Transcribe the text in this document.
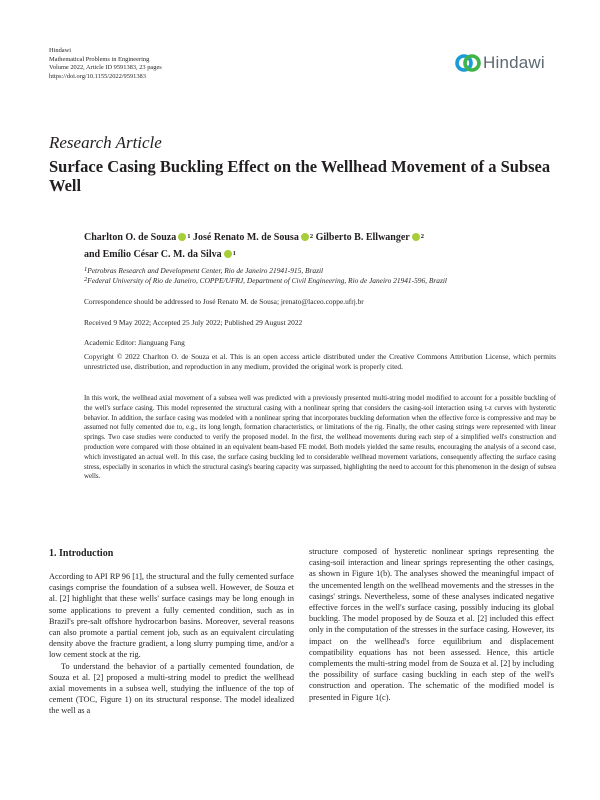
Hindawi
Mathematical Problems in Engineering
Volume 2022, Article ID 9591383, 23 pages
https://doi.org/10.1155/2022/9591383
Hindawi
Research Article
Surface Casing Buckling Effect on the Wellhead Movement of a Subsea Well
Charlton O. de Souza $^1$ José Renato M. de Sousa $^2$ Gilberto B. Ellwanger $^2$
and Emílio César C. M. da Silva $^1$
$^1$Petrobras Research and Development Center, Rio de Janeiro 21941-915, Brazil
$^2$Federal University of Rio de Janeiro, COPPE/UFRJ, Department of Civil Engineering, Rio de Janeiro 21941-596, Brazil
Correspondence should be addressed to José Renato M. de Sousa; jrenato@laceo.coppe.ufrj.br
Received 9 May 2022; Accepted 25 July 2022; Published 29 August 2022
Academic Editor: Jianguang Fang
Copyright © 2022 Charlton O. de Souza et al. This is an open access article distributed under the Creative Commons Attribution License, which permits unrestricted use, distribution, and reproduction in any medium, provided the original work is properly cited.
In this work, the wellhead axial movement of a subsea well was predicted with a previously presented multi-string model modified to account for a possible buckling of the well's surface casing. This model represented the structural casing with a nonlinear spring that considers the casing-soil interaction using t-z curves with hysteretic behavior. In addition, the surface casing was modeled with a nonlinear spring that incorporates buckling deformation when the effective force is compressive and may be assumed not fully cemented due to, e.g., its long length, formation characteristics, or limitations of the rig. Finally, the other casing strings were represented with linear springs. Two case studies were conducted to verify the proposed model. In the first, the wellhead movements during each step of a simplified well's construction and production were compared with those obtained in an equivalent beam-based FE model. Both models yielded the same results, encouraging the analysis of a second case, which investigated an actual well. In this case, the surface casing buckling led to considerable wellhead movement variations, consequently affecting the surface casing stress, especially in scenarios in which the structural casing's bearing capacity was surpassed, highlighting the need to account for this phenomenon in the design of subsea wells.
1. Introduction

According to API RP 96 [1], the structural and the fully cemented surface casings comprise the foundation of a subsea well. However, de Souza et al. [2] highlight that these wells' surface casings may be long enough in some applications to prevent a fully cemented condition, such as in Brazil's pre-salt offshore hydrocarbon basins. Moreover, several reasons can also promote a partial cement job, such as an equivalent circulating density above the fracture gradient, a long slurry pumping time, and/or a low cement stock at the rig.

To understand the behavior of a partially cemented foundation, de Souza et al. [2] proposed a multi-string model to predict the wellhead axial movements in a subsea well, studying the influence of the top of cement (TOC, Figure 1) on its structural response. The model idealized the well as a

structure composed of hysteretic nonlinear springs representing the casing-soil interaction and linear springs representing the other casings, as shown in Figure 1(b). The analyses showed the meaningful impact of the uncemented length on the wellhead movements and the stresses in the casings' strings. Nevertheless, some of these analyses indicated negative effective forces in the well's surface casing, possibly inducing its global buckling. The model proposed by de Souza et al. [2] included this effect only in the computation of the stresses in the surface casing. However, its impact on the wellhead's force equilibrium and displacement compatibility equations has not been assessed. Hence, this article complements the multi-string model from de Souza et al. [2] by including the possibility of surface casing buckling in each step of the well's construction and operation. The schematic of the modified model is presented in Figure 1(c).
